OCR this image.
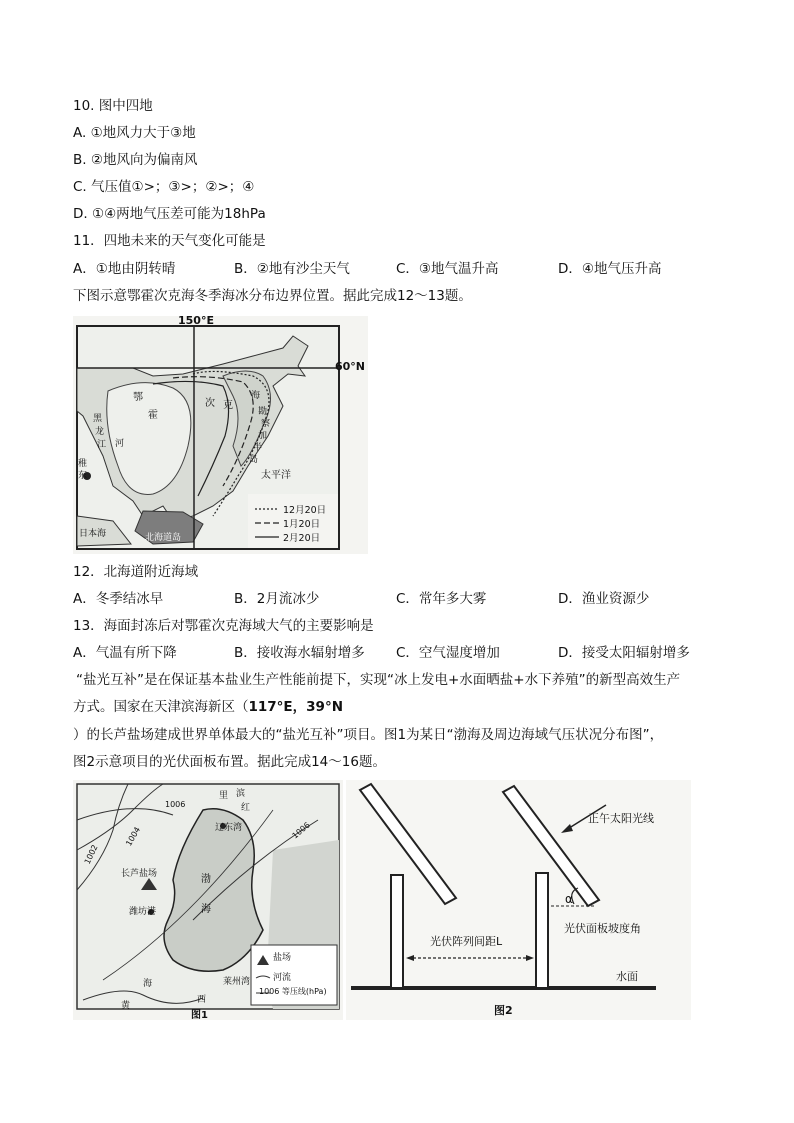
10. 图中四地
A. ①地风力大于③地
B. ②地风向为偏南风
C. 气压值①>；③>；②>；④
D. ①④两地气压差可能为18hPa
11．四地未来的天气变化可能是
A．①地由阴转晴	B．②地有沙尘天气	C．③地气温升高	D．④地气压升高
下图示意鄂霍次克海冬季海冰分布边界位置。据此完成12～13题。
150°E
60°N
鄂
霍
次 克
海
勘
察
加
半
岛
黑
龙
江 河
稚
东	太平洋
日本海	北海道岛
12月20日
1月20日
2月20日
12．北海道附近海域
A．冬季结冰早	B．2月流冰少	C．常年多大雾	D．渔业资源少
13．海面封冻后对鄂霍次克海域大气的主要影响是
A．气温有所下降	B．接收海水辐射增多 C．空气湿度增加	D．接受太阳辐射增多
“盐光互补”是在保证基本盐业生产性能前提下，实现“冰上发电+水面晒盐+水下养殖”的新型高效生产
方式。国家在天津滨海新区（117°E，39°N
）的长芦盐场建成世界单体最大的“盐光互补”项目。图1为某日“渤海及周边海域气压状况分布图”，
图2示意项目的光伏面板布置。据此完成14～16题。
里 滨
红
辽东湾
渤
海
长芦盐场
潍坊港
莱州湾
黄
海
西
1006
1004
1002
1006
盐场
河流
1006 等压线(hPa)
图1
正午太阳光线
α
光伏面板坡度角
光伏阵列间距L
水面
图2
